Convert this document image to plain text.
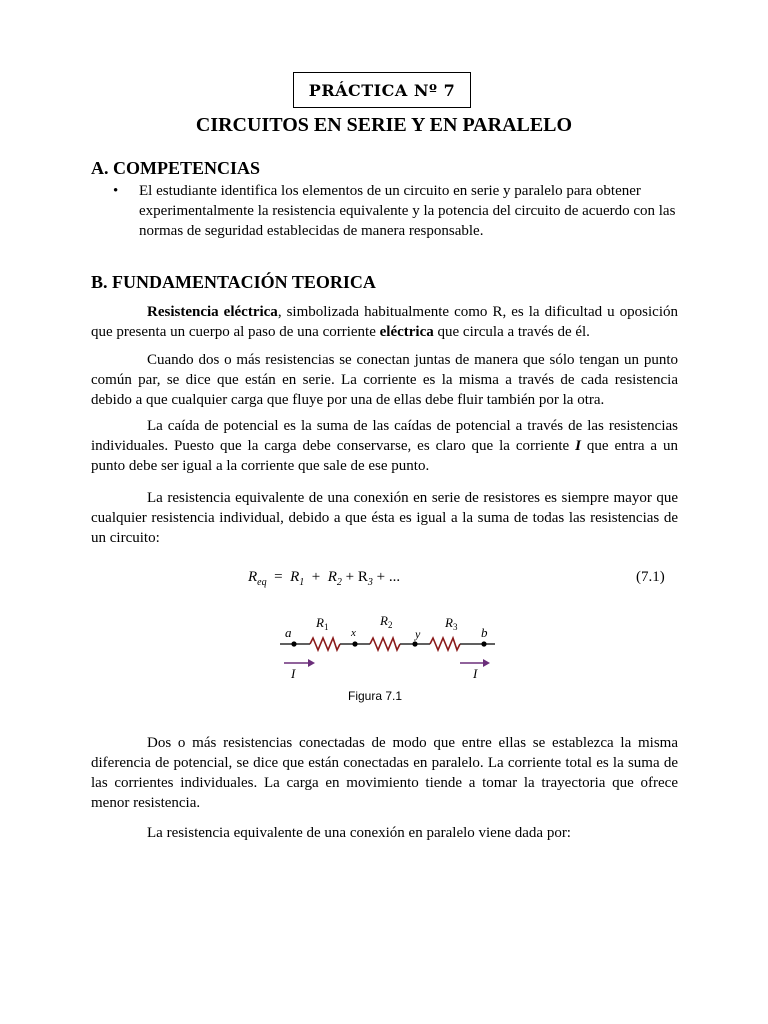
PRÁCTICA Nº 7
CIRCUITOS EN SERIE Y EN PARALELO
A. COMPETENCIAS
• El estudiante identifica los elementos de un circuito en serie y paralelo para obtener experimentalmente la resistencia equivalente y la potencia del circuito de acuerdo con las normas de seguridad establecidas de manera responsable.
B. FUNDAMENTACIÓN TEORICA
Resistencia eléctrica, simbolizada habitualmente como R, es la dificultad u oposición que presenta un cuerpo al paso de una corriente eléctrica que circula a través de él.
Cuando dos o más resistencias se conectan juntas de manera que sólo tengan un punto común par, se dice que están en serie. La corriente es la misma a través de cada resistencia debido a que cualquier carga que fluye por una de ellas debe fluir también por la otra.
La caída de potencial es la suma de las caídas de potencial a través de las resistencias individuales. Puesto que la carga debe conservarse, es claro que la corriente I que entra a un punto debe ser igual a la corriente que sale de ese punto.
La resistencia equivalente de una conexión en serie de resistores es siempre mayor que cualquier resistencia individual, debido a que ésta es igual a la suma de todas las resistencias de un circuito:
$R_{eq} = R_1 + R_2 + R_3$ + ...	(7.1)
a	x	y	b
$R_1$	$R_2$	$R_3$
I	I
Figura 7.1
Dos o más resistencias conectadas de modo que entre ellas se establezca la misma diferencia de potencial, se dice que están conectadas en paralelo. La corriente total es la suma de las corrientes individuales. La carga en movimiento tiende a tomar la trayectoria que ofrece menor resistencia.
La resistencia equivalente de una conexión en paralelo viene dada por:
